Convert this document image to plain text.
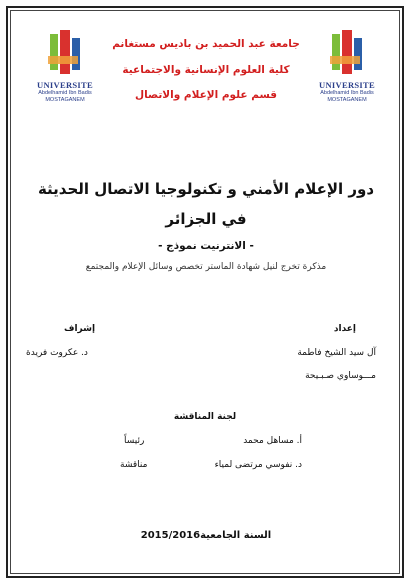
UNIVERSITE
Abdelhamid Ibn Badis
MOSTAGANEM
UNIVERSITE
Abdelhamid Ibn Badis
MOSTAGANEM
جامعة عبد الحميد بن باديس مستغانم
كلية العلوم الإنسانية والاجتماعية
قسم علوم الإعلام والاتصال
دور الإعلام الأمني و تكنولوجيا الاتصال الحديثة
في الجزائر
- الانترنيت نموذج -
مذكرة تخرج لنيل شهادة الماستر تخصص وسائل الإعلام والمجتمع
إعداد
آل سيد الشيخ فاطمة
مـــوساوي صـبـيحة
إشراف
د. عكروت فريدة
لجنة المناقشة
أ. مساهل محمد
رئيساً
د. نفوسي مرتضى لمياء
مناقشة
السنة الجامعية2015/2016
